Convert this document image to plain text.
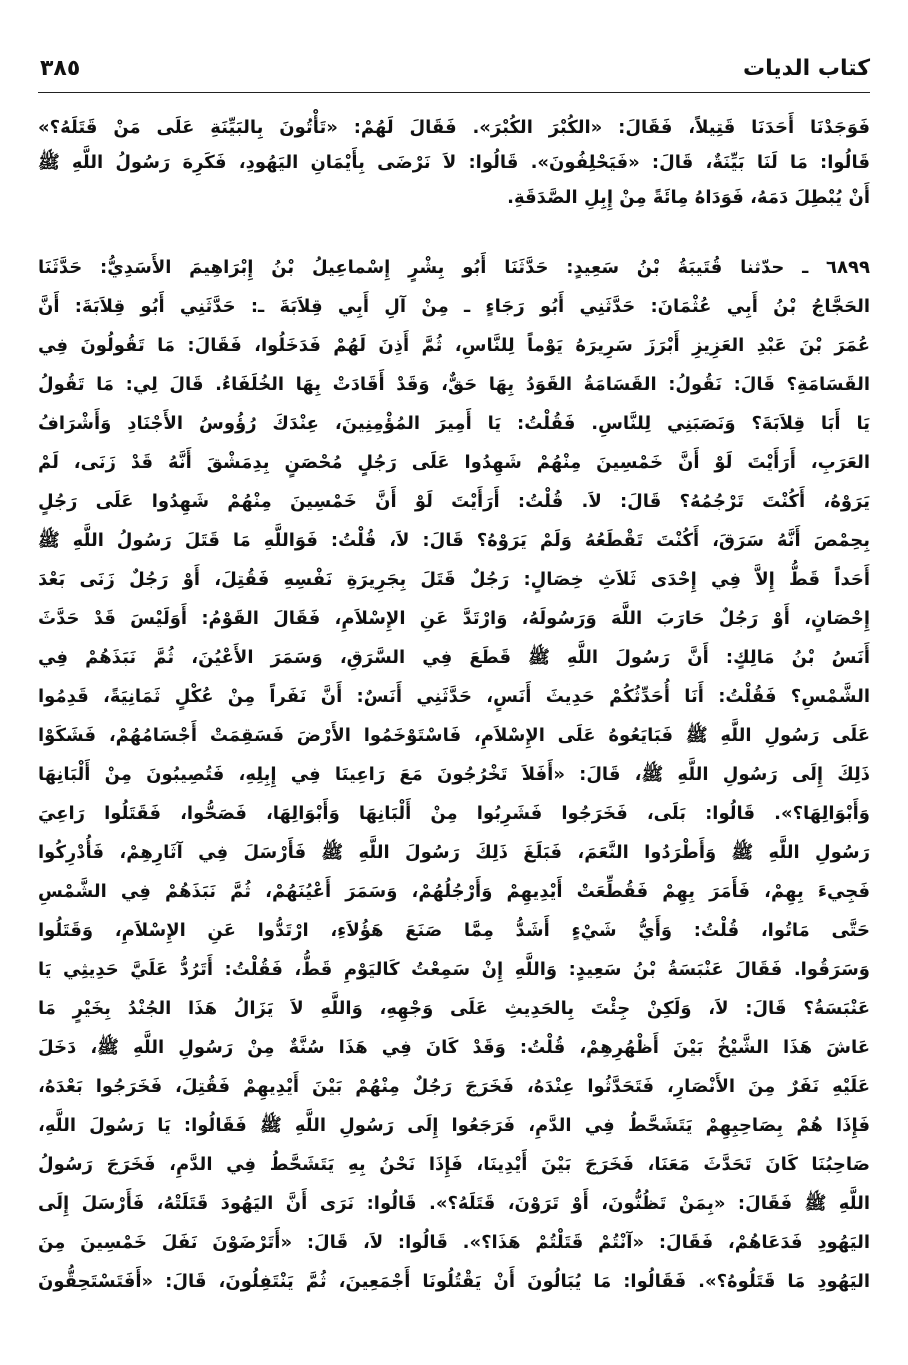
كتاب الديات
٣٨٥
فَوَجَدْنَا أَحَدَنَا قَتِيلاً، فَقَالَ: «الكُبْرَ الكُبْرَ». فَقَالَ لَهُمْ: «تَأْتُونَ بِالبَيِّنَةِ عَلَى مَنْ قَتَلَهُ؟»
قَالُوا: مَا لَنَا بَيِّنَةٌ، قَالَ: «فَيَحْلِفُونَ». قَالُوا: لاَ نَرْضَى بِأَيْمَانِ اليَهُودِ، فَكَرِهَ رَسُولُ اللَّهِ ﷺ
أَنْ يُبْطِلَ دَمَهُ، فَوَدَاهُ مِائَةً مِنْ إِبِلِ الصَّدَقَةِ.
٦٨٩٩ ـ حدّثنا قُتَيبَةُ بْنُ سَعِيدٍ: حَدَّثَنَا أَبُو بِشْرٍ إِسْماعِيلُ بْنُ إِبْرَاهِيمَ الأَسَدِيُّ: حَدَّثَنَا
الحَجَّاجُ بْنُ أَبِي عُثْمَانَ: حَدَّثَنِي أَبُو رَجَاءٍ ـ مِنْ آلِ أَبِي قِلاَبَةَ ـ: حَدَّثَنِي أَبُو قِلاَبَةَ: أَنَّ
عُمَرَ بْنَ عَبْدِ العَزِيزِ أَبْرَزَ سَرِيرَهُ يَوْماً لِلنَّاسِ، ثُمَّ أَذِنَ لَهُمْ فَدَخَلُوا، فَقَالَ: مَا تَقُولُونَ فِي
القَسَامَةِ؟ قَالَ: نَقُولُ: القَسَامَةُ القَوَدُ بِهَا حَقٌّ، وَقَدْ أَقَادَتْ بِهَا الخُلَفَاءُ. قَالَ لِي: مَا تَقُولُ
يَا أَبَا قِلاَبَةَ؟ وَنَصَبَنِي لِلنَّاسِ. فَقُلْتُ: يَا أَمِيرَ المُؤْمِنِينَ، عِنْدَكَ رُؤُوسُ الأَجْنَادِ وَأَشْرَافُ
العَرَبِ، أَرَأَيْتَ لَوْ أَنَّ خَمْسِينَ مِنْهُمْ شَهِدُوا عَلَى رَجُلٍ مُحْصَنٍ بِدِمَشْقَ أَنَّهُ قَدْ زَنَى، لَمْ
يَرَوْهُ، أَكُنْتَ تَرْجُمُهُ؟ قَالَ: لاَ. قُلْتُ: أَرَأَيْتَ لَوْ أَنَّ خَمْسِينَ مِنْهُمْ شَهِدُوا عَلَى رَجُلٍ
بِحِمْصَ أَنَّهُ سَرَقَ، أَكُنْتَ تَقْطَعُهُ وَلَمْ يَرَوْهُ؟ قَالَ: لاَ، قُلْتُ: فَوَاللَّهِ مَا قَتَلَ رَسُولُ اللَّهِ ﷺ
أَحَداً قَطُّ إِلاَّ فِي إِحْدَى ثَلاَثِ خِصَالٍ: رَجُلٌ قَتَلَ بِجَرِيرَةِ نَفْسِهِ فَقُتِلَ، أَوْ رَجُلٌ زَنَى بَعْدَ
إِحْصَانٍ، أَوْ رَجُلٌ حَارَبَ اللَّهَ وَرَسُولَهُ، وَارْتَدَّ عَنِ الإِسْلاَمِ، فَقَالَ القَوْمُ: أَوَلَيْسَ قَدْ حَدَّثَ
أَنَسُ بْنُ مَالِكٍ: أَنَّ رَسُولَ اللَّهِ ﷺ قَطَعَ فِي السَّرَقِ، وَسَمَرَ الأَعْيُنَ، ثُمَّ نَبَذَهُمْ فِي
الشَّمْسِ؟ فَقُلْتُ: أَنَا أُحَدِّثُكُمْ حَدِيثَ أَنَسٍ، حَدَّثَنِي أَنَسٌ: أَنَّ نَفَراً مِنْ عُكْلٍ ثَمَانِيَةً، قَدِمُوا
عَلَى رَسُولِ اللَّهِ ﷺ فَبَايَعُوهُ عَلَى الإِسْلاَمِ، فَاسْتَوْخَمُوا الأَرْضَ فَسَقِمَتْ أَجْسَامُهُمْ، فَشَكَوْا
ذَلِكَ إِلَى رَسُولِ اللَّهِ ﷺ، قَالَ: «أَفَلاَ تَخْرُجُونَ مَعَ رَاعِينَا فِي إِبِلِهِ، فَتُصِيبُونَ مِنْ أَلْبَانِهَا
وَأَبْوَالِهَا؟». قَالُوا: بَلَى، فَخَرَجُوا فَشَرِبُوا مِنْ أَلْبَانِهَا وَأَبْوَالِهَا، فَصَحُّوا، فَقَتَلُوا رَاعِيَ
رَسُولِ اللَّهِ ﷺ وَأَطْرَدُوا النَّعَمَ، فَبَلَغَ ذَلِكَ رَسُولَ اللَّهِ ﷺ فَأَرْسَلَ فِي آثَارِهِمْ، فَأُدْرِكُوا
فَجِيءَ بِهِمْ، فَأَمَرَ بِهِمْ فَقُطِّعَتْ أَيْدِيهِمْ وَأَرْجُلُهُمْ، وَسَمَرَ أَعْيُنَهُمْ، ثُمَّ نَبَذَهُمْ فِي الشَّمْسِ
حَتَّى مَاتُوا، قُلْتُ: وَأَيُّ شَيْءٍ أَشَدُّ مِمَّا صَنَعَ هَؤُلاَءِ، ارْتَدُّوا عَنِ الإِسْلاَمِ، وَقَتَلُوا
وَسَرَقُوا. فَقَالَ عَنْبَسَةُ بْنُ سَعِيدٍ: وَاللَّهِ إِنْ سَمِعْتُ كَاليَوْمِ قَطُّ، فَقُلْتُ: أَتَرُدُّ عَلَيَّ حَدِيثِي يَا
عَنْبَسَةُ؟ قَالَ: لاَ، وَلَكِنْ جِئْتَ بِالحَدِيثِ عَلَى وَجْهِهِ، وَاللَّهِ لاَ يَزَالُ هَذَا الجُنْدُ بِخَيْرٍ مَا
عَاشَ هَذَا الشَّيْخُ بَيْنَ أَظْهُرِهِمْ، قُلْتُ: وَقَدْ كَانَ فِي هَذَا سُنَّةٌ مِنْ رَسُولِ اللَّهِ ﷺ، دَخَلَ
عَلَيْهِ نَفَرٌ مِنَ الأَنْصَارِ، فَتَحَدَّثُوا عِنْدَهُ، فَخَرَجَ رَجُلٌ مِنْهُمْ بَيْنَ أَيْدِيهِمْ فَقُتِلَ، فَخَرَجُوا بَعْدَهُ،
فَإِذَا هُمْ بِصَاحِبِهِمْ يَتَشَحَّطُ فِي الدَّمِ، فَرَجَعُوا إِلَى رَسُولِ اللَّهِ ﷺ فَقَالُوا: يَا رَسُولَ اللَّهِ،
صَاحِبُنَا كَانَ تَحَدَّثَ مَعَنَا، فَخَرَجَ بَيْنَ أَيْدِينَا، فَإِذَا نَحْنُ بِهِ يَتَشَحَّطُ فِي الدَّمِ، فَخَرَجَ رَسُولُ
اللَّهِ ﷺ فَقَالَ: «بِمَنْ تَظُنُّونَ، أَوْ تَرَوْنَ، قَتَلَهُ؟». قَالُوا: نَرَى أَنَّ اليَهُودَ قَتَلَتْهُ، فَأَرْسَلَ إِلَى
اليَهُودِ فَدَعَاهُمْ، فَقَالَ: «آنْتُمْ قَتَلْتُمْ هَذَا؟». قَالُوا: لاَ، قَالَ: «أَتَرْضَوْنَ نَفَلَ خَمْسِينَ مِنَ
اليَهُودِ مَا قَتَلُوهُ؟». فَقَالُوا: مَا يُبَالُونَ أَنْ يَقْتُلُونَا أَجْمَعِينَ، ثُمَّ يَنْتَفِلُونَ، قَالَ: «أَفَتَسْتَحِقُّونَ
